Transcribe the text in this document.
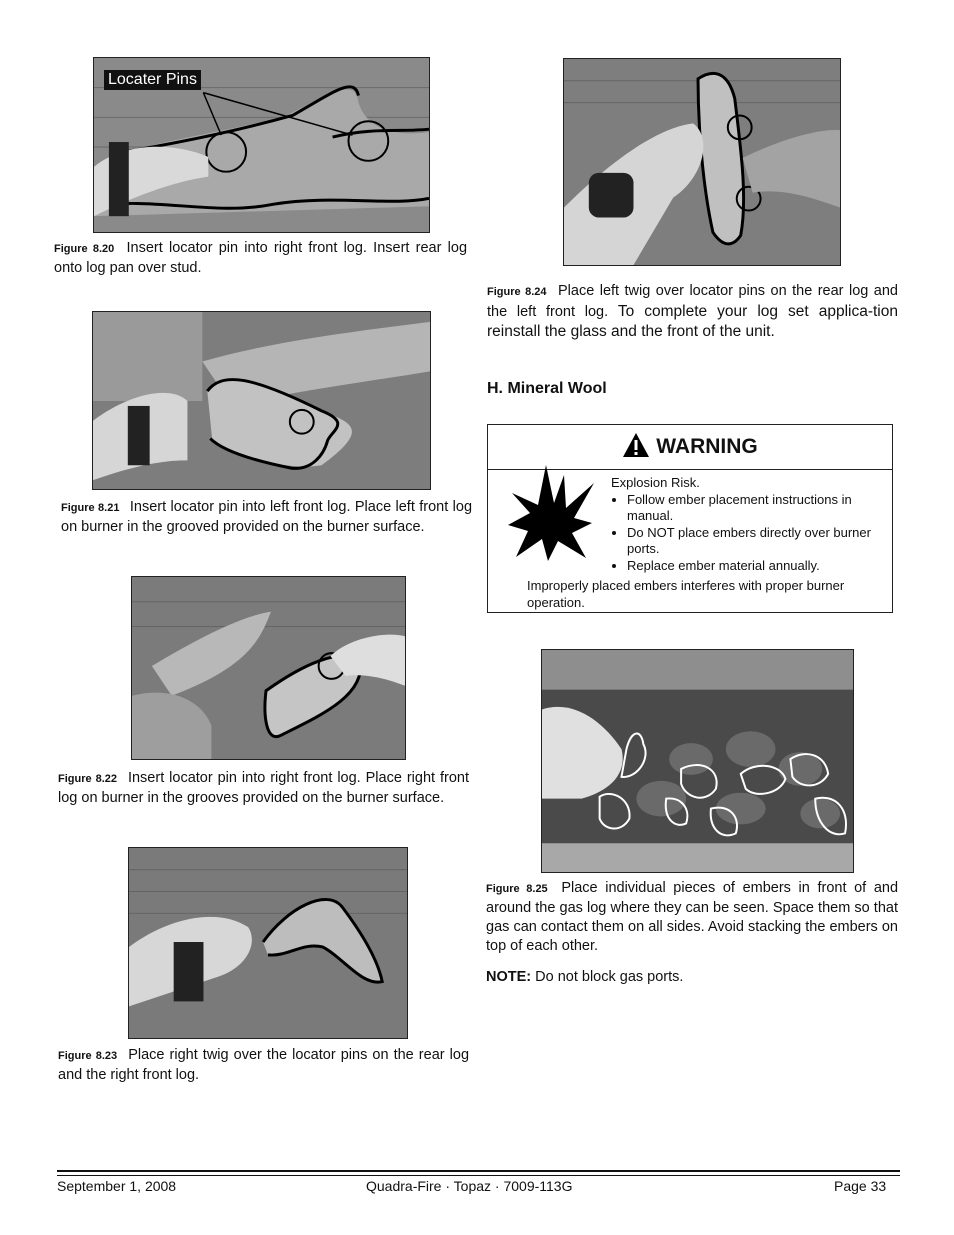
Locater Pins
Figure 8.20 Insert locator pin into right front log. Insert rear log onto log pan over stud.
Figure 8.21 Insert locator pin into left front log. Place left front log on burner in the grooved provided on the burner surface.
Figure 8.22 Insert locator pin into right front log. Place right front log on burner in the grooves provided on the burner surface.
Figure 8.23 Place right twig over the locator pins on the rear log and the right front log.
Figure 8.24 Place left twig over locator pins on the rear log and the left front log. To complete your log set applica-tion reinstall the glass and the front of the unit.
H. Mineral Wool
WARNING
Explosion Risk.
• Follow ember placement instructions in manual.
• Do NOT place embers directly over burner ports.
• Replace ember material annually.
Improperly placed embers interferes with proper burner operation.
Figure 8.25 Place individual pieces of embers in front of and around the gas log where they can be seen. Space them so that gas can contact them on all sides. Avoid stacking the embers on top of each other.
NOTE: Do not block gas ports.
September 1, 2008	Quadra-Fire · Topaz · 7009-113G	Page 33
